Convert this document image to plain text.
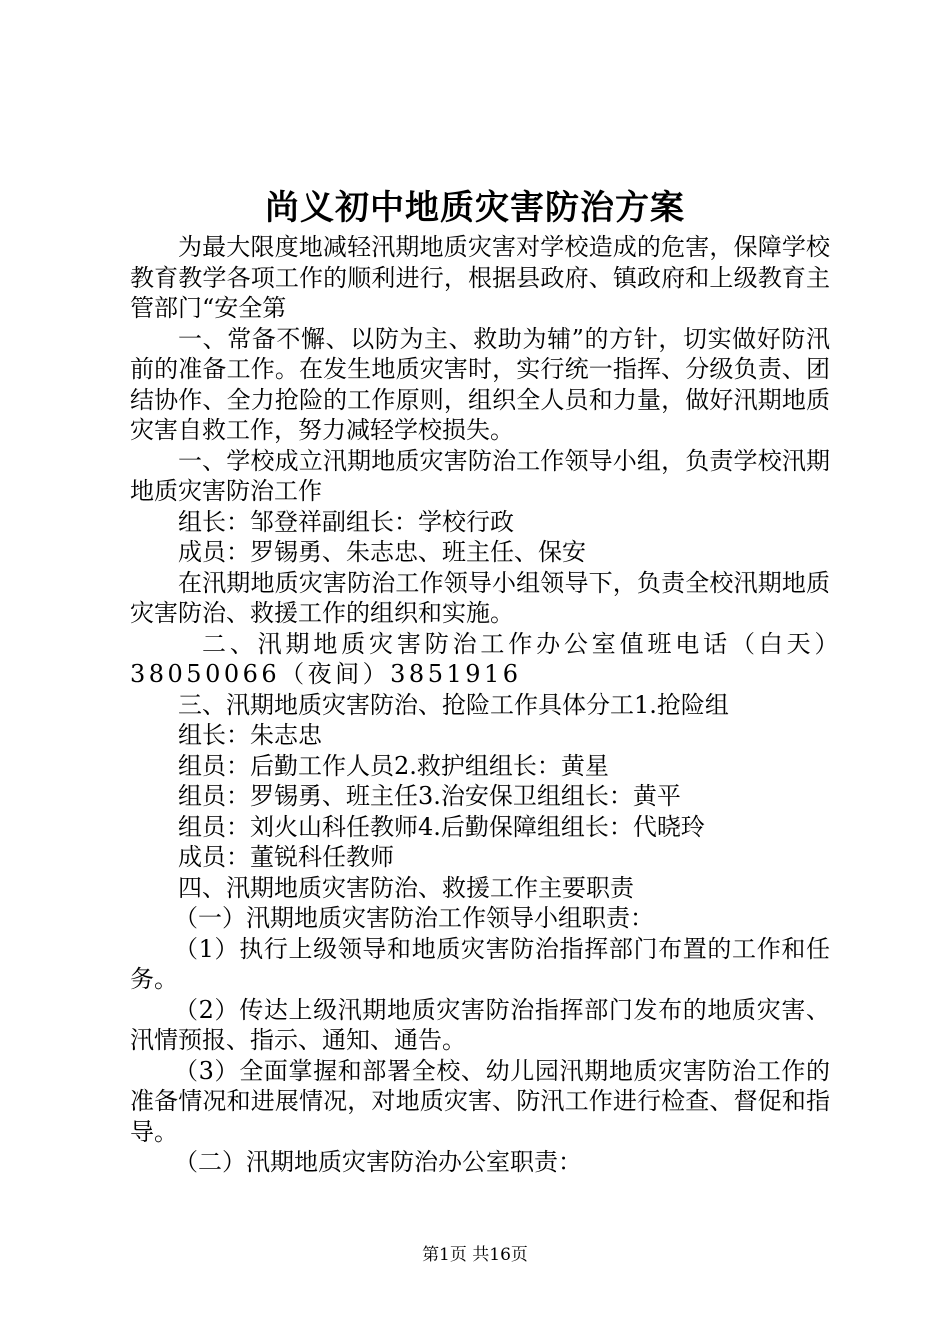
尚义初中地质灾害防治方案

为最大限度地减轻汛期地质灾害对学校造成的危害，保障学校教育教学各项工作的顺利进行，根据县政府、镇政府和上级教育主管部门“安全第

一、常备不懈、以防为主、救助为辅”的方针，切实做好防汛前的准备工作。在发生地质灾害时，实行统一指挥、分级负责、团结协作、全力抢险的工作原则，组织全人员和力量，做好汛期地质灾害自救工作，努力减轻学校损失。

一、学校成立汛期地质灾害防治工作领导小组，负责学校汛期地质灾害防治工作

组长：邹登祥副组长：学校行政

成员：罗锡勇、朱志忠、班主任、保安

在汛期地质灾害防治工作领导小组领导下，负责全校汛期地质灾害防治、救援工作的组织和实施。

二、汛期地质灾害防治工作办公室值班电话（白天）38050066（夜间）3851916

三、汛期地质灾害防治、抢险工作具体分工1.抢险组

组长：朱志忠

组员：后勤工作人员2.救护组组长：黄星

组员：罗锡勇、班主任3.治安保卫组组长：黄平

组员：刘火山科任教师4.后勤保障组组长：代晓玲

成员：董锐科任教师

四、汛期地质灾害防治、救援工作主要职责

（一）汛期地质灾害防治工作领导小组职责：

（1）执行上级领导和地质灾害防治指挥部门布置的工作和任务。

（2）传达上级汛期地质灾害防治指挥部门发布的地质灾害、汛情预报、指示、通知、通告。

（3）全面掌握和部署全校、幼儿园汛期地质灾害防治工作的准备情况和进展情况，对地质灾害、防汛工作进行检查、督促和指导。

（二）汛期地质灾害防治办公室职责：

第1页 共16页
